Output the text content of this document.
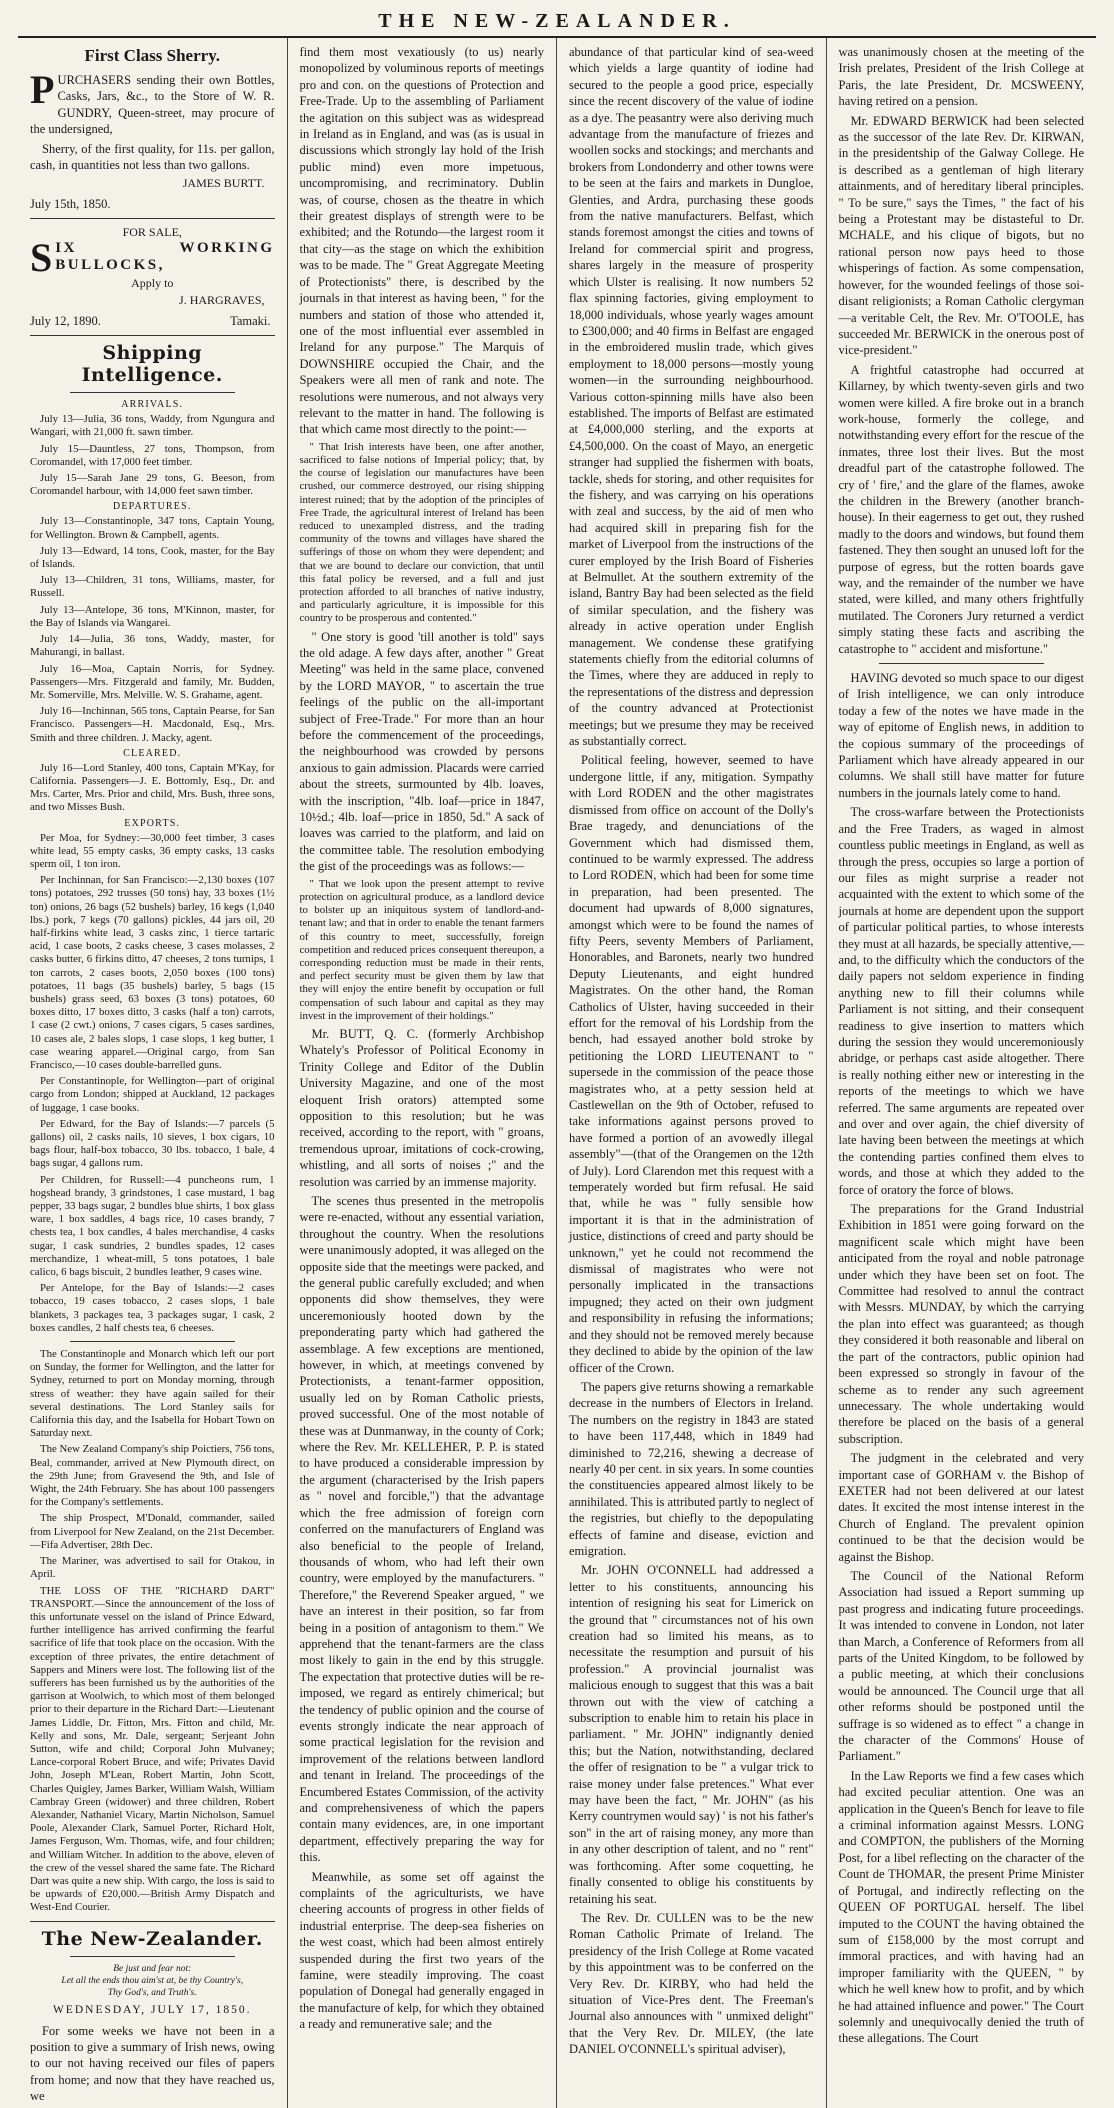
THE NEW-ZEALANDER.
First Class Sherry.

PURCHASERS sending their own Bottles, Casks, Jars, &c., to the Store of W. R. GUNDRY, Queen-street, may procure of the undersigned,

Sherry, of the first quality, for 11s. per gallon, cash, in quantities not less than two gallons.

JAMES BURTT.
July 15th, 1850.
FOR SALE,

SIX WORKING BULLOCKS,

Apply to
J. HARGRAVES,
July 12, 1890.	Tamaki.
Shipping Intelligence.
ARRIVALS.

July 13—Julia, 36 tons, Waddy, from Ngungura and Wangari, with 21,000 ft. sawn timber.

July 15—Dauntless, 27 tons, Thompson, from Coromandel, with 17,000 feet timber.

July 15—Sarah Jane 29 tons, G. Beeson, from Coromandel harbour, with 14,000 feet sawn timber.

DEPARTURES.

July 13—Constantinople, 347 tons, Captain Young, for Wellington. Brown & Campbell, agents.

July 13—Edward, 14 tons, Cook, master, for the Bay of Islands.

July 13—Children, 31 tons, Williams, master, for Russell.

July 13—Antelope, 36 tons, M'Kinnon, master, for the Bay of Islands via Wangarei.

July 14—Julia, 36 tons, Waddy, master, for Mahurangi, in ballast.

July 16—Moa, Captain Norris, for Sydney. Passengers—Mrs. Fitzgerald and family, Mr. Budden, Mr. Somerville, Mrs. Melville. W. S. Grahame, agent.

July 16—Inchinnan, 565 tons, Captain Pearse, for San Francisco. Passengers—H. Macdonald, Esq., Mrs. Smith and three children. J. Macky, agent.

CLEARED.

July 16—Lord Stanley, 400 tons, Captain M'Kay, for California. Passengers—J. E. Bottomly, Esq., Dr. and Mrs. Carter, Mrs. Prior and child, Mrs. Bush, three sons, and two Misses Bush.

EXPORTS.

Per Moa, for Sydney:—30,000 feet timber, 3 cases white lead, 55 empty casks, 36 empty casks, 13 casks sperm oil, 1 ton iron.

Per Inchinnan, for San Francisco:—2,130 boxes (107 tons) potatoes, 292 trusses (50 tons) hay, 33 boxes (1½ ton) onions, 26 bags (52 bushels) barley, 16 kegs (1,040 lbs.) pork, 7 kegs (70 gallons) pickles, 44 jars oil, 20 half-firkins white lead, 3 casks zinc, 1 tierce tartaric acid, 1 case boots, 2 casks cheese, 3 cases molasses, 2 casks butter, 6 firkins ditto, 47 cheeses, 2 tons turnips, 1 ton carrots, 2 cases boots, 2,050 boxes (100 tons) potatoes, 11 bags (35 bushels) barley, 5 bags (15 bushels) grass seed, 63 boxes (3 tons) potatoes, 60 boxes ditto, 17 boxes ditto, 3 casks (half a ton) carrots, 1 case (2 cwt.) onions, 7 cases cigars, 5 cases sardines, 10 cases ale, 2 bales slops, 1 case slops, 1 keg butter, 1 case wearing apparel.—Original cargo, from San Francisco,—10 cases double-barrelled guns.

Per Constantinople, for Wellington—part of original cargo from London; shipped at Auckland, 12 packages of luggage, 1 case books.

Per Edward, for the Bay of Islands:—7 parcels (5 gallons) oil, 2 casks nails, 10 sieves, 1 box cigars, 10 bags flour, half-box tobacco, 30 lbs. tobacco, 1 bale, 4 bags sugar, 4 gallons rum.

Per Children, for Russell:—4 puncheons rum, 1 hogshead brandy, 3 grindstones, 1 case mustard, 1 bag pepper, 33 bags sugar, 2 bundles blue shirts, 1 box glass ware, 1 box saddles, 4 bags rice, 10 cases brandy, 7 chests tea, 1 box candles, 4 bales merchandise, 4 casks sugar, 1 cask sundries, 2 bundles spades, 12 cases merchandize, 1 wheat-mill, 5 tons potatoes, 1 bale calico, 6 bags biscuit, 2 bundles leather, 9 cases wine.

Per Antelope, for the Bay of Islands:—2 cases tobacco, 19 cases tobacco, 2 cases slops, 1 bale blankets, 3 packages tea, 3 packages sugar, 1 cask, 2 boxes candles, 2 half chests tea, 6 cheeses.

The Constantinople and Monarch which left our port on Sunday, the former for Wellington, and the latter for Sydney, returned to port on Monday morning, through stress of weather: they have again sailed for their several destinations. The Lord Stanley sails for California this day, and the Isabella for Hobart Town on Saturday next.

The New Zealand Company's ship Poictiers, 756 tons, Beal, commander, arrived at New Plymouth direct, on the 29th June; from Gravesend the 9th, and Isle of Wight, the 24th February. She has about 100 passengers for the Company's settlements.

The ship Prospect, M'Donald, commander, sailed from Liverpool for New Zealand, on the 21st December.—Fifa Advertiser, 28th Dec.

The Mariner, was advertised to sail for Otakou, in April.

THE LOSS OF THE "RICHARD DART" TRANSPORT.—Since the announcement of the loss of this unfortunate vessel on the island of Prince Edward, further intelligence has arrived confirming the fearful sacrifice of life that took place on the occasion. With the exception of three privates, the entire detachment of Sappers and Miners were lost. The following list of the sufferers has been furnished us by the authorities of the garrison at Woolwich, to which most of them belonged prior to their departure in the Richard Dart:—Lieutenant James Liddle, Dr. Fitton, Mrs. Fitton and child, Mr. Kelly and sons, Mr. Dale, sergeant; Serjeant John Sutton, wife and child; Corporal John Mulvaney; Lance-corporal Robert Bruce, and wife; Privates David John, Joseph M'Lean, Robert Martin, John Scott, Charles Quigley, James Barker, William Walsh, William Cambray Green (widower) and three children, Robert Alexander, Nathaniel Vicary, Martin Nicholson, Samuel Poole, Alexander Clark, Samuel Porter, Richard Holt, James Ferguson, Wm. Thomas, wife, and four children; and William Witcher. In addition to the above, eleven of the crew of the vessel shared the same fate. The Richard Dart was quite a new ship. With cargo, the loss is said to be upwards of £20,000.—British Army Dispatch and West-End Courier.

The New-Zealander.
Be just and fear not:
Let all the ends thou aim'st at, be thy Country's,
Thy God's, and Truth's.
WEDNESDAY, JULY 17, 1850.

For some weeks we have not been in a position to give a summary of Irish news, owing to our not having received our files of papers from home; and now that they have reached us, we

find them most vexatiously (to us) nearly monopolized by voluminous reports of meetings pro and con. on the questions of Protection and Free-Trade. Up to the assembling of Parliament the agitation on this subject was as widespread in Ireland as in England, and was (as is usual in discussions which strongly lay hold of the Irish public mind) even more impetuous, uncompromising, and recriminatory. Dublin was, of course, chosen as the theatre in which their greatest displays of strength were to be exhibited; and the Rotundo—the largest room it that city—as the stage on which the exhibition was to be made. The " Great Aggregate Meeting of Protectionists" there, is described by the journals in that interest as having been, " for the numbers and station of those who attended it, one of the most influential ever assembled in Ireland for any purpose." The Marquis of DOWNSHIRE occupied the Chair, and the Speakers were all men of rank and note. The resolutions were numerous, and not always very relevant to the matter in hand. The following is that which came most directly to the point:—

" That Irish interests have been, one after another, sacrificed to false notions of Imperial policy; that, by the course of legislation our manufactures have been crushed, our commerce destroyed, our rising shipping interest ruined; that by the adoption of the principles of Free Trade, the agricultural interest of Ireland has been reduced to unexampled distress, and the trading community of the towns and villages have shared the sufferings of those on whom they were dependent; and that we are bound to declare our conviction, that until this fatal policy be reversed, and a full and just protection afforded to all branches of native industry, and particularly agriculture, it is impossible for this country to be prosperous and contented."

" One story is good 'till another is told" says the old adage. A few days after, another " Great Meeting" was held in the same place, convened by the LORD MAYOR, " to ascertain the true feelings of the public on the all-important subject of Free-Trade." For more than an hour before the commencement of the proceedings, the neighbourhood was crowded by persons anxious to gain admission. Placards were carried about the streets, surmounted by 4lb. loaves, with the inscription, "4lb. loaf—price in 1847, 10½d.; 4lb. loaf—price in 1850, 5d." A sack of loaves was carried to the platform, and laid on the committee table. The resolution embodying the gist of the proceedings was as follows:—

" That we look upon the present attempt to revive protection on agricultural produce, as a landlord device to bolster up an iniquitous system of landlord-and-tenant law; and that in order to enable the tenant farmers of this country to meet, successfully, foreign competition and reduced prices consequent thereupon, a corresponding reduction must be made in their rents, and perfect security must be given them by law that they will enjoy the entire benefit by occupation or full compensation of such labour and capital as they may invest in the improvement of their holdings."

Mr. BUTT, Q. C. (formerly Archbishop Whately's Professor of Political Economy in Trinity College and Editor of the Dublin University Magazine, and one of the most eloquent Irish orators) attempted some opposition to this resolution; but he was received, according to the report, with " groans, tremendous uproar, imitations of cock-crowing, whistling, and all sorts of noises ;" and the resolution was carried by an immense majority.

The scenes thus presented in the metropolis were re-enacted, without any essential variation, throughout the country. When the resolutions were unanimously adopted, it was alleged on the opposite side that the meetings were packed, and the general public carefully excluded; and when opponents did show themselves, they were unceremoniously hooted down by the preponderating party which had gathered the assemblage. A few exceptions are mentioned, however, in which, at meetings convened by Protectionists, a tenant-farmer opposition, usually led on by Roman Catholic priests, proved successful. One of the most notable of these was at Dunmanway, in the county of Cork; where the Rev. Mr. KELLEHER, P. P. is stated to have produced a considerable impression by the argument (characterised by the Irish papers as " novel and forcible,") that the advantage which the free admission of foreign corn conferred on the manufacturers of England was also beneficial to the people of Ireland, thousands of whom, who had left their own country, were employed by the manufacturers. " Therefore," the Reverend Speaker argued, " we have an interest in their position, so far from being in a position of antagonism to them." We apprehend that the tenant-farmers are the class most likely to gain in the end by this struggle. The expectation that protective duties will be re-imposed, we regard as entirely chimerical; but the tendency of public opinion and the course of events strongly indicate the near approach of some practical legislation for the revision and improvement of the relations between landlord and tenant in Ireland. The proceedings of the Encumbered Estates Commission, of the activity and comprehensiveness of which the papers contain many evidences, are, in one important department, effectively preparing the way for this.

Meanwhile, as some set off against the complaints of the agriculturists, we have cheering accounts of progress in other fields of industrial enterprise. The deep-sea fisheries on the west coast, which had been almost entirely suspended during the first two years of the famine, were steadily improving. The coast population of Donegal had generally engaged in the manufacture of kelp, for which they obtained a ready and remunerative sale; and the

abundance of that particular kind of sea-weed which yields a large quantity of iodine had secured to the people a good price, especially since the recent discovery of the value of iodine as a dye. The peasantry were also deriving much advantage from the manufacture of friezes and woollen socks and stockings; and merchants and brokers from Londonderry and other towns were to be seen at the fairs and markets in Dungloe, Glenties, and Ardra, purchasing these goods from the native manufacturers. Belfast, which stands foremost amongst the cities and towns of Ireland for commercial spirit and progress, shares largely in the measure of prosperity which Ulster is realising. It now numbers 52 flax spinning factories, giving employment to 18,000 individuals, whose yearly wages amount to £300,000; and 40 firms in Belfast are engaged in the embroidered muslin trade, which gives employment to 18,000 persons—mostly young women—in the surrounding neighbourhood. Various cotton-spinning mills have also been established. The imports of Belfast are estimated at £4,000,000 sterling, and the exports at £4,500,000. On the coast of Mayo, an energetic stranger had supplied the fishermen with boats, tackle, sheds for storing, and other requisites for the fishery, and was carrying on his operations with zeal and success, by the aid of men who had acquired skill in preparing fish for the market of Liverpool from the instructions of the curer employed by the Irish Board of Fisheries at Belmullet. At the southern extremity of the island, Bantry Bay had been selected as the field of similar speculation, and the fishery was already in active operation under English management. We condense these gratifying statements chiefly from the editorial columns of the Times, where they are adduced in reply to the representations of the distress and depression of the country advanced at Protectionist meetings; but we presume they may be received as substantially correct.

Political feeling, however, seemed to have undergone little, if any, mitigation. Sympathy with Lord RODEN and the other magistrates dismissed from office on account of the Dolly's Brae tragedy, and denunciations of the Government which had dismissed them, continued to be warmly expressed. The address to Lord RODEN, which had been for some time in preparation, had been presented. The document had upwards of 8,000 signatures, amongst which were to be found the names of fifty Peers, seventy Members of Parliament, Honorables, and Baronets, nearly two hundred Deputy Lieutenants, and eight hundred Magistrates. On the other hand, the Roman Catholics of Ulster, having succeeded in their effort for the removal of his Lordship from the bench, had essayed another bold stroke by petitioning the LORD LIEUTENANT to " supersede in the commission of the peace those magistrates who, at a petty session held at Castlewellan on the 9th of October, refused to take informations against persons proved to have formed a portion of an avowedly illegal assembly"—(that of the Orangemen on the 12th of July). Lord Clarendon met this request with a temperately worded but firm refusal. He said that, while he was " fully sensible how important it is that in the administration of justice, distinctions of creed and party should be unknown," yet he could not recommend the dismissal of magistrates who were not personally implicated in the transactions impugned; they acted on their own judgment and responsibility in refusing the informations; and they should not be removed merely because they declined to abide by the opinion of the law officer of the Crown.

The papers give returns showing a remarkable decrease in the numbers of Electors in Ireland. The numbers on the registry in 1843 are stated to have been 117,448, which in 1849 had diminished to 72,216, shewing a decrease of nearly 40 per cent. in six years. In some counties the constituencies appeared almost likely to be annihilated. This is attributed partly to neglect of the registries, but chiefly to the depopulating effects of famine and disease, eviction and emigration.

Mr. JOHN O'CONNELL had addressed a letter to his constituents, announcing his intention of resigning his seat for Limerick on the ground that " circumstances not of his own creation had so limited his means, as to necessitate the resumption and pursuit of his profession." A provincial journalist was malicious enough to suggest that this was a bait thrown out with the view of catching a subscription to enable him to retain his place in parliament. " Mr. JOHN" indignantly denied this; but the Nation, notwithstanding, declared the offer of resignation to be " a vulgar trick to raise money under false pretences." What ever may have been the fact, " Mr. JOHN" (as his Kerry countrymen would say) ' is not his father's son" in the art of raising money, any more than in any other description of talent, and no " rent" was forthcoming. After some coquetting, he finally consented to oblige his constituents by retaining his seat.

The Rev. Dr. CULLEN was to be the new Roman Catholic Primate of Ireland. The presidency of the Irish College at Rome vacated by this appointment was to be conferred on the Very Rev. Dr. KIRBY, who had held the situation of Vice-Pres dent. The Freeman's Journal also announces with " unmixed delight" that the Very Rev. Dr. MILEY, (the late DANIEL O'CONNELL's spiritual adviser),

was unanimously chosen at the meeting of the Irish prelates, President of the Irish College at Paris, the late President, Dr. MCSWEENY, having retired on a pension.

Mr. EDWARD BERWICK had been selected as the successor of the late Rev. Dr. KIRWAN, in the presidentship of the Galway College. He is described as a gentleman of high literary attainments, and of hereditary liberal principles. " To be sure," says the Times, " the fact of his being a Protestant may be distasteful to Dr. MCHALE, and his clique of bigots, but no rational person now pays heed to those whisperings of faction. As some compensation, however, for the wounded feelings of those soi-disant religionists; a Roman Catholic clergyman—a veritable Celt, the Rev. Mr. O'TOOLE, has succeeded Mr. BERWICK in the onerous post of vice-president."

A frightful catastrophe had occurred at Killarney, by which twenty-seven girls and two women were killed. A fire broke out in a branch work-house, formerly the college, and notwithstanding every effort for the rescue of the inmates, three lost their lives. But the most dreadful part of the catastrophe followed. The cry of ' fire,' and the glare of the flames, awoke the children in the Brewery (another branch-house). In their eagerness to get out, they rushed madly to the doors and windows, but found them fastened. They then sought an unused loft for the purpose of egress, but the rotten boards gave way, and the remainder of the number we have stated, were killed, and many others frightfully mutilated. The Coroners Jury returned a verdict simply stating these facts and ascribing the catastrophe to " accident and misfortune."

HAVING devoted so much space to our digest of Irish intelligence, we can only introduce today a few of the notes we have made in the way of epitome of English news, in addition to the copious summary of the proceedings of Parliament which have already appeared in our columns. We shall still have matter for future numbers in the journals lately come to hand.

The cross-warfare between the Protectionists and the Free Traders, as waged in almost countless public meetings in England, as well as through the press, occupies so large a portion of our files as might surprise a reader not acquainted with the extent to which some of the journals at home are dependent upon the support of particular political parties, to whose interests they must at all hazards, be specially attentive,—and, to the difficulty which the conductors of the daily papers not seldom experience in finding anything new to fill their columns while Parliament is not sitting, and their consequent readiness to give insertion to matters which during the session they would unceremoniously abridge, or perhaps cast aside altogether. There is really nothing either new or interesting in the reports of the meetings to which we have referred. The same arguments are repeated over and over and over again, the chief diversity of late having been between the meetings at which the contending parties confined them elves to words, and those at which they added to the force of oratory the force of blows.

The preparations for the Grand Industrial Exhibition in 1851 were going forward on the magnificent scale which might have been anticipated from the royal and noble patronage under which they have been set on foot. The Committee had resolved to annul the contract with Messrs. MUNDAY, by which the carrying the plan into effect was guaranteed; as though they considered it both reasonable and liberal on the part of the contractors, public opinion had been expressed so strongly in favour of the scheme as to render any such agreement unnecessary. The whole undertaking would therefore be placed on the basis of a general subscription.

The judgment in the celebrated and very important case of GORHAM v. the Bishop of EXETER had not been delivered at our latest dates. It excited the most intense interest in the Church of England. The prevalent opinion continued to be that the decision would be against the Bishop.

The Council of the National Reform Association had issued a Report summing up past progress and indicating future proceedings. It was intended to convene in London, not later than March, a Conference of Reformers from all parts of the United Kingdom, to be followed by a public meeting, at which their conclusions would be announced. The Council urge that all other reforms should be postponed until the suffrage is so widened as to effect " a change in the character of the Commons' House of Parliament."

In the Law Reports we find a few cases which had excited peculiar attention. One was an application in the Queen's Bench for leave to file a criminal information against Messrs. LONG and COMPTON, the publishers of the Morning Post, for a libel reflecting on the character of the Count de THOMAR, the present Prime Minister of Portugal, and indirectly reflecting on the QUEEN OF PORTUGAL herself. The libel imputed to the COUNT the having obtained the sum of £158,000 by the most corrupt and immoral practices, and with having had an improper familiarity with the QUEEN, " by which he well knew how to profit, and by which he had attained influence and power." The Court solemnly and unequivocally denied the truth of these allegations. The Court
